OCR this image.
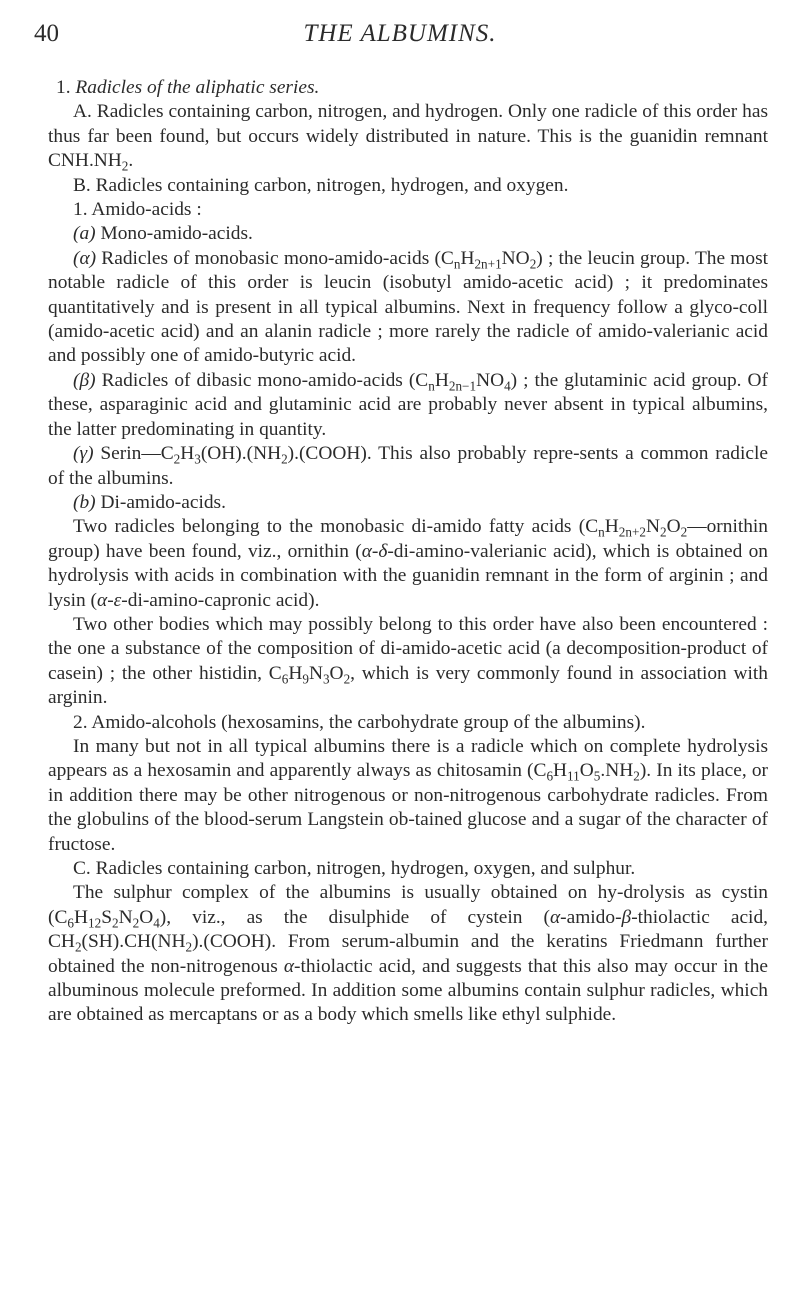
40	THE ALBUMINS.

1. Radicles of the aliphatic series.

A. Radicles containing carbon, nitrogen, and hydrogen. Only one radicle of this order has thus far been found, but occurs widely distributed in nature. This is the guanidin remnant $CNH.NH_2$.

B. Radicles containing carbon, nitrogen, hydrogen, and oxygen.

1. Amido-acids :

(a) Mono-amido-acids.

(α) Radicles of monobasic mono-amido-acids $(C_nH_{2n+1}NO_2)$ ; the leucin group. The most notable radicle of this order is leucin (isobutyl amido-acetic acid) ; it predominates quantitatively and is present in all typical albumins. Next in frequency follow a glyco-coll (amido-acetic acid) and an alanin radicle ; more rarely the radicle of amido-valerianic acid and possibly one of amido-butyric acid.

(β) Radicles of dibasic mono-amido-acids $(C_nH_{2n-1}NO_4)$ ; the glutaminic acid group. Of these, asparaginic acid and glutaminic acid are probably never absent in typical albumins, the latter predominating in quantity.

(γ) $Serin—C_2H_3(OH).(NH_2).(COOH)$. This also probably repre-sents a common radicle of the albumins.

(b) Di-amido-acids.

Two radicles belonging to the monobasic di-amido fatty acids ($C_nH_{2n+2}N_2O_2—ornithin$ group) have been found, viz., ornithin (α-δ-di-amino-valerianic acid), which is obtained on hydrolysis with acids in combination with the guanidin remnant in the form of arginin ; and lysin (α-ε-di-amino-capronic acid).

Two other bodies which may possibly belong to this order have also been encountered : the one a substance of the composition of di-amido-acetic acid (a decomposition-product of casein) ; the other histidin, $C_6H_9N_3O_2$, which is very commonly found in association with arginin.

2. Amido-alcohols (hexosamins, the carbohydrate group of the albumins).

In many but not in all typical albumins there is a radicle which on complete hydrolysis appears as a hexosamin and apparently always as chitosamin $(C_6H_{11}O_5.NH_2)$. In its place, or in addition there may be other nitrogenous or non-nitrogenous carbohydrate radicles. From the globulins of the blood-serum Langstein ob-tained glucose and a sugar of the character of fructose.

C. Radicles containing carbon, nitrogen, hydrogen, oxygen, and sulphur.

The sulphur complex of the albumins is usually obtained on hy-drolysis as cystin $(C_6H_{12}S_2N_2O_4)$, viz., as the disulphide of cystein (α-amido-β-thiolactic acid, $CH_2(SH).CH(NH_2).(COOH)$. From serum-albumin and the keratins Friedmann further obtained the non-nitrogenous α-thiolactic acid, and suggests that this also may occur in the albuminous molecule preformed. In addition some albumins contain sulphur radicles, which are obtained as mercaptans or as a body which smells like ethyl sulphide.
